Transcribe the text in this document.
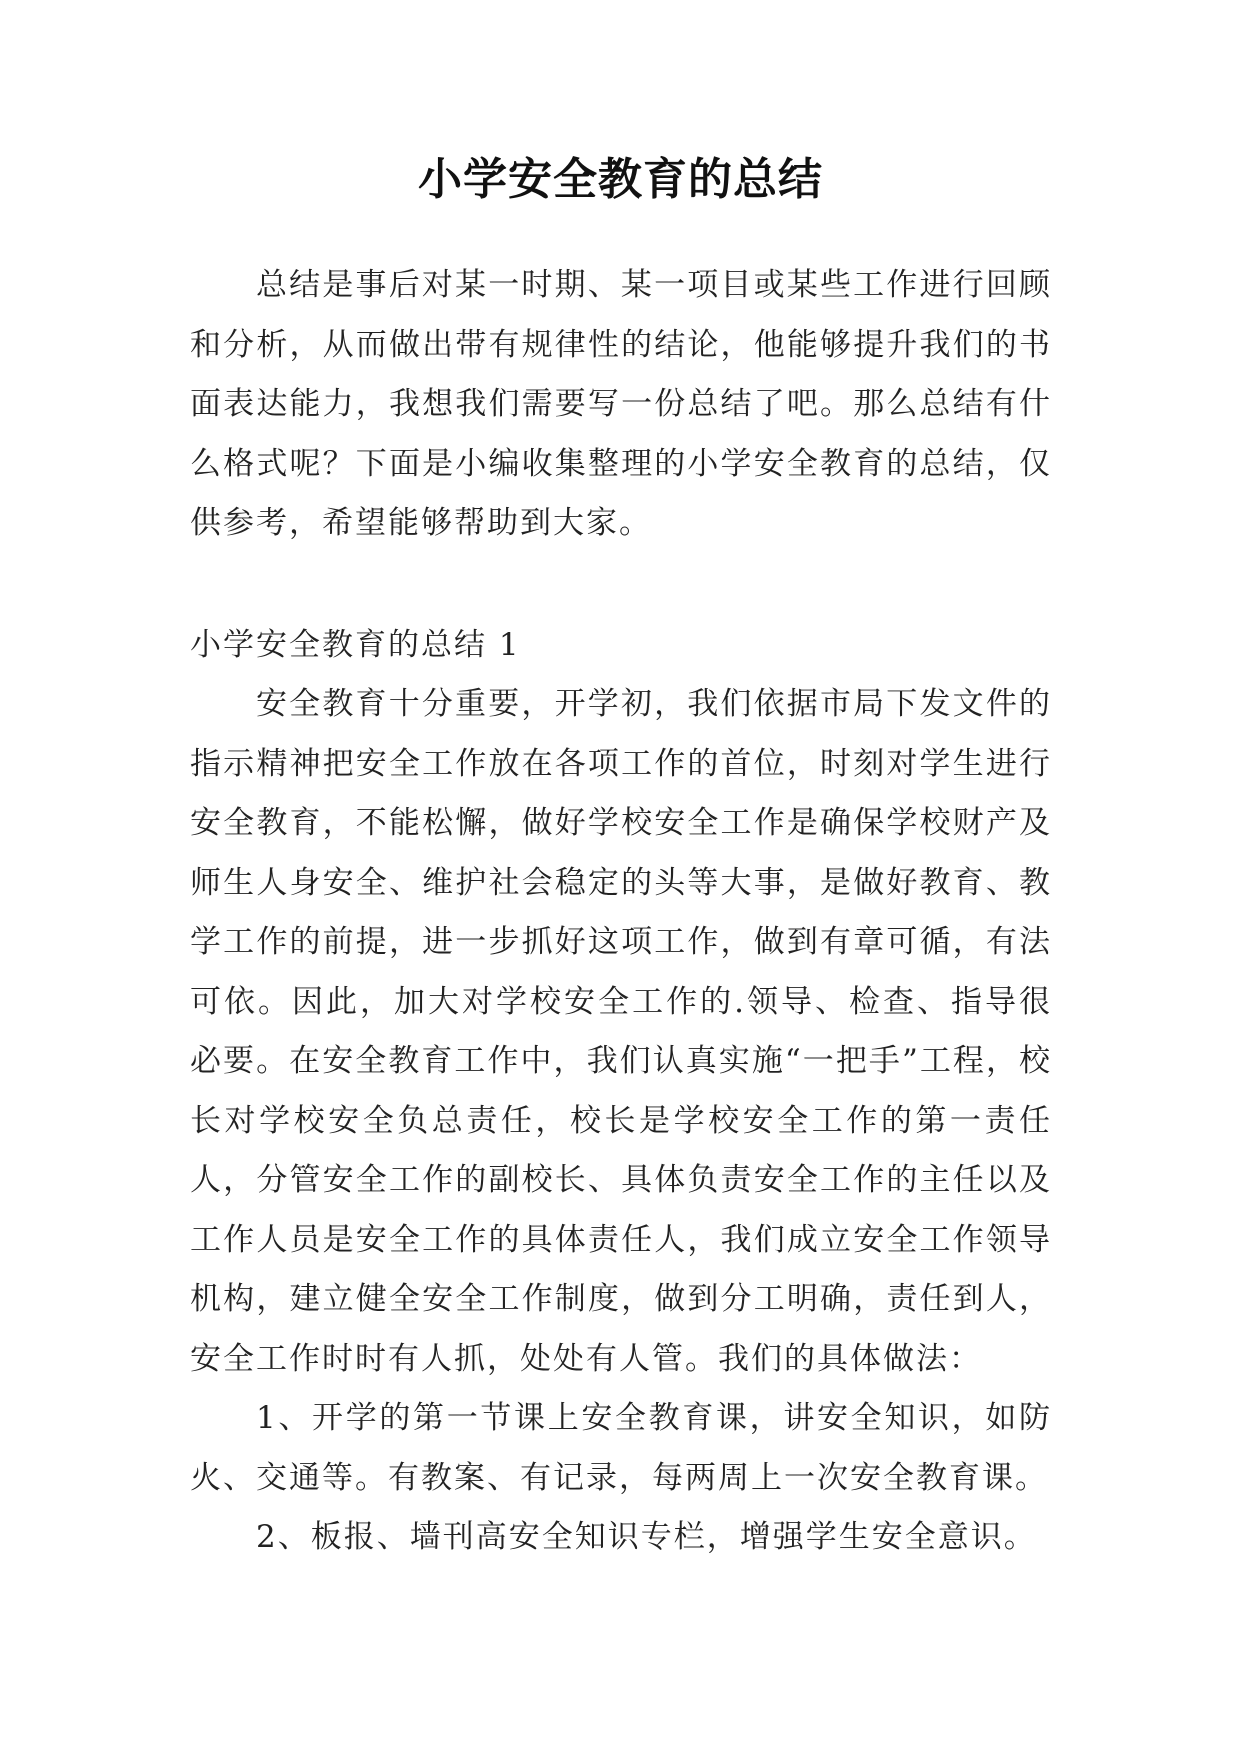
小学安全教育的总结

总结是事后对某一时期、某一项目或某些工作进行回顾和分析，从而做出带有规律性的结论，他能够提升我们的书面表达能力，我想我们需要写一份总结了吧。那么总结有什么格式呢？下面是小编收集整理的小学安全教育的总结，仅供参考，希望能够帮助到大家。

小学安全教育的总结 1

安全教育十分重要，开学初，我们依据市局下发文件的指示精神把安全工作放在各项工作的首位，时刻对学生进行安全教育，不能松懈，做好学校安全工作是确保学校财产及师生人身安全、维护社会稳定的头等大事，是做好教育、教学工作的前提，进一步抓好这项工作，做到有章可循，有法可依。因此，加大对学校安全工作的.领导、检查、指导很必要。在安全教育工作中，我们认真实施“一把手”工程，校长对学校安全负总责任，校长是学校安全工作的第一责任人，分管安全工作的副校长、具体负责安全工作的主任以及工作人员是安全工作的具体责任人，我们成立安全工作领导机构，建立健全安全工作制度，做到分工明确，责任到人，安全工作时时有人抓，处处有人管。我们的具体做法：

1、开学的第一节课上安全教育课，讲安全知识，如防火、交通等。有教案、有记录，每两周上一次安全教育课。

2、板报、墙刊高安全知识专栏，增强学生安全意识。
